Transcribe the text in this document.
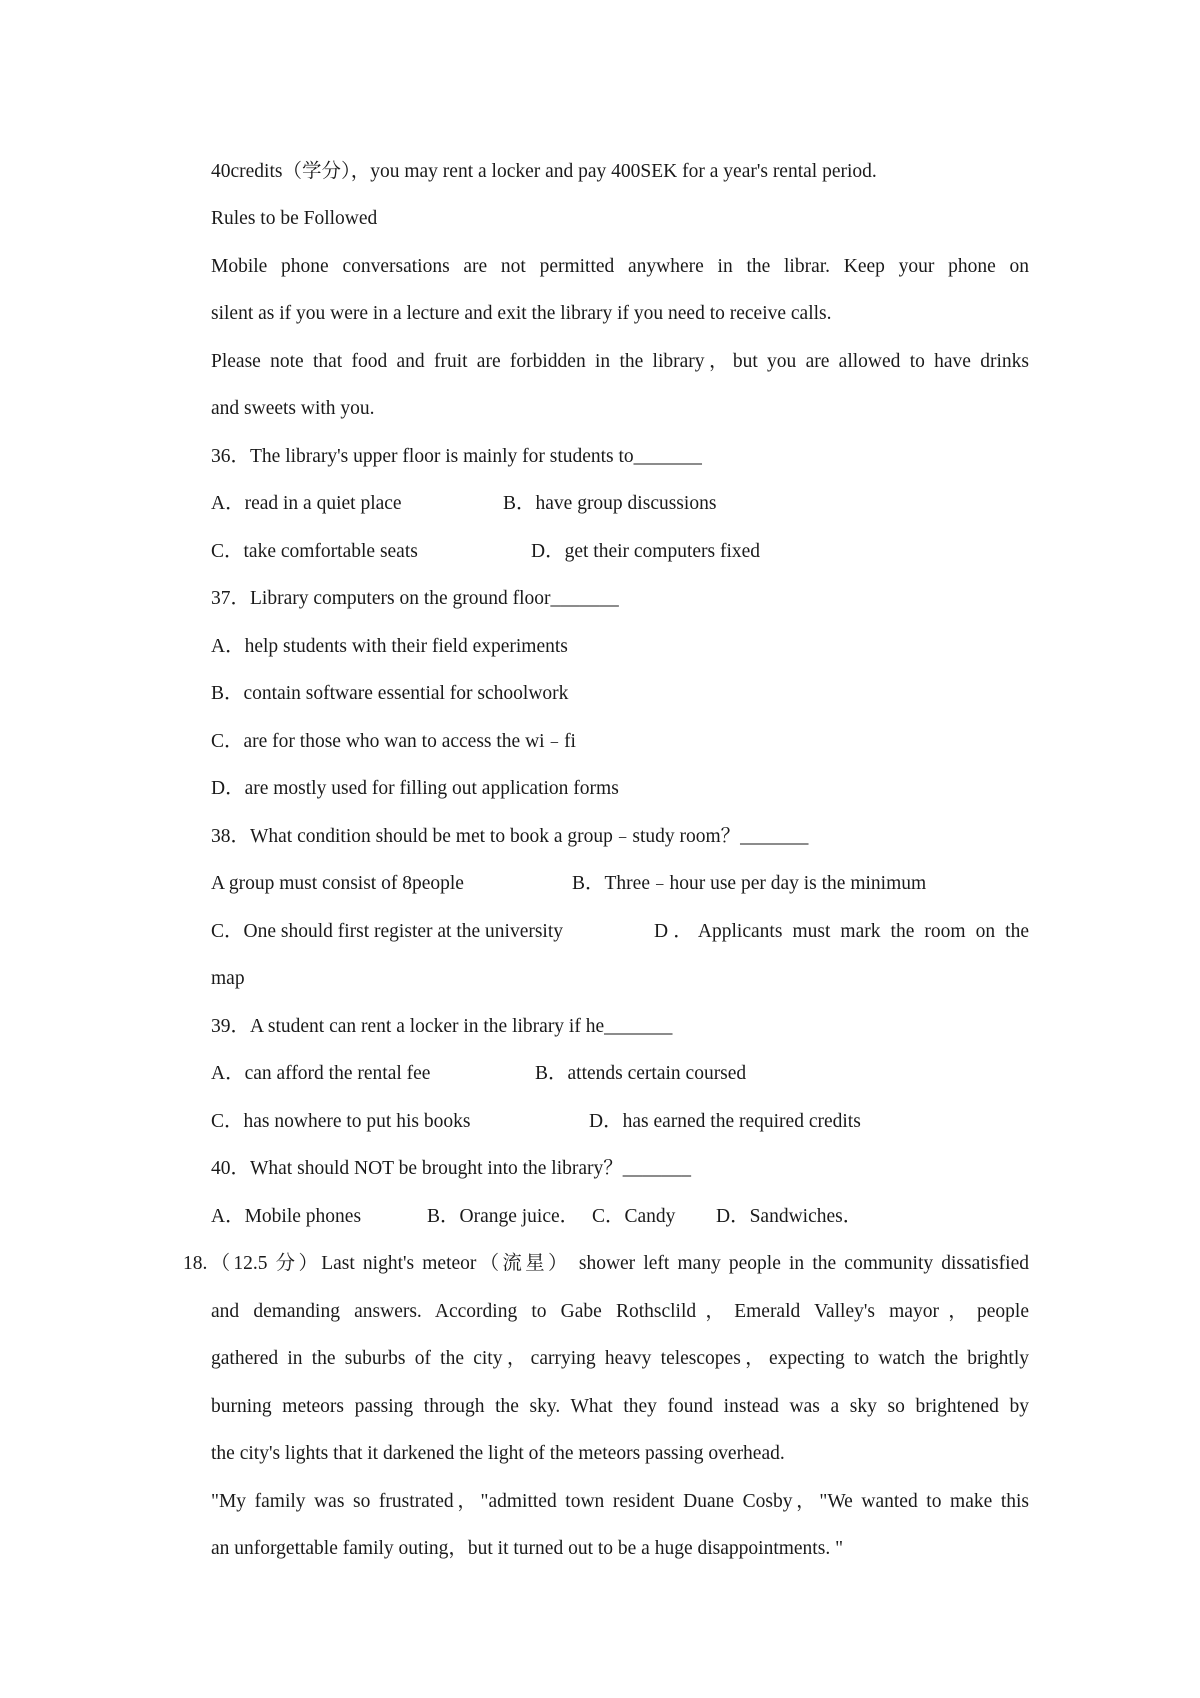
40credits（学分），you may rent a locker and pay 400SEK for a year's rental period.
Rules to be Followed
Mobile phone conversations are not permitted anywhere in the librar. Keep your phone on
silent as if you were in a lecture and exit the library if you need to receive calls.
Please note that food and fruit are forbidden in the library，but you are allowed to have drinks
and sweets with you.
36．The library's upper floor is mainly for students to_______
A．read in a quiet place	B．have group discussions
C．take comfortable seats	D．get their computers fixed
37．Library computers on the ground floor_______
A．help students with their field experiments
B．contain software essential for schoolwork
C．are for those who wan to access the wi﹣fi
D．are mostly used for filling out application forms
38．What condition should be met to book a group﹣study room？_______
A group must consist of 8people	B．Three﹣hour use per day is the minimum
C．One should first register at the university	D．Applicants must mark the room on the
map
39．A student can rent a locker in the library if he_______
A．can afford the rental fee	B．attends certain coursed
C．has nowhere to put his books	D．has earned the required credits
40．What should NOT be brought into the library？_______
A．Mobile phones	B．Orange juice． C．Candy D．Sandwiches．
18.（12.5 分）Last night's meteor（流星） shower left many people in the community dissatisfied
and demanding answers. According to Gabe Rothsclild，Emerald Valley's mayor，people
gathered in the suburbs of the city，carrying heavy telescopes，expecting to watch the brightly
burning meteors passing through the sky. What they found instead was a sky so brightened by
the city's lights that it darkened the light of the meteors passing overhead.
"My family was so frustrated，"admitted town resident Duane Cosby，"We wanted to make this
an unforgettable family outing，but it turned out to be a huge disappointments. "
